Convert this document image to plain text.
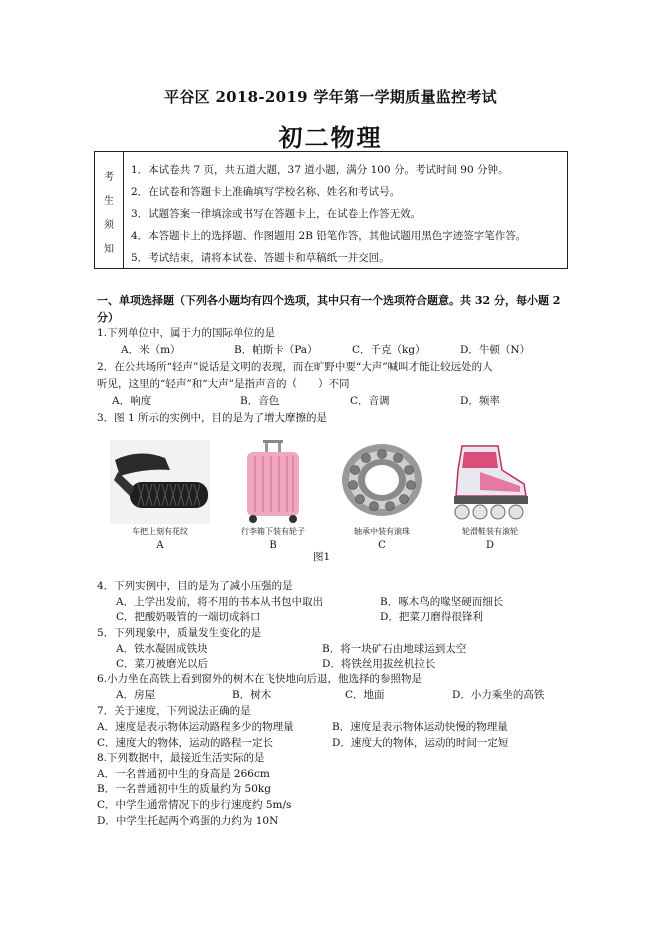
平谷区 2018-2019 学年第一学期质量监控考试
初二物理
考
生
须
知
1．本试卷共 7 页，共五道大题，37 道小题，满分 100 分。考试时间 90 分钟。
2．在试卷和答题卡上准确填写学校名称、姓名和考试号。
3．试题答案一律填涂或书写在答题卡上，在试卷上作答无效。
4．本答题卡上的选择题、作图题用 2B 铅笔作答，其他试题用黑色字迹签字笔作答。
5．考试结束，请将本试卷、答题卡和草稿纸一并交回。
一、单项选择题（下列各小题均有四个选项，其中只有一个选项符合题意。共 32 分，每小题 2 分）
1.下列单位中，属于力的国际单位的是
A．米（m）	B．帕斯卡（Pa）	C．千克（kg）	D．牛顿（N）
2．在公共场所“轻声”说话是文明的表现，而在旷野中要“大声”喊叫才能让较远处的人
听见，这里的“轻声”和“大声”是指声音的（　　）不同
A．响度	B．音色	C．音调	D．频率
3．图 1 所示的实例中，目的是为了增大摩擦的是
车把上刻有花纹	行李箱下装有轮子	轴承中装有滚珠	轮滑鞋装有滚轮
A	B	C	D
图1
4．下列实例中，目的是为了减小压强的是
A．上学出发前，将不用的书本从书包中取出	B．啄木鸟的喙坚硬而细长
C．把酸奶吸管的一端切成斜口	D．把菜刀磨得很锋利
5．下列现象中，质量发生变化的是
A．铁水凝固成铁块	B．将一块矿石由地球运到太空
C．菜刀被磨光以后	D．将铁丝用拔丝机拉长
6.小力坐在高铁上看到窗外的树木在飞快地向后退，他选择的参照物是
A．房屋	B．树木	C．地面	D．小力乘坐的高铁
7．关于速度，下列说法正确的是
A．速度是表示物体运动路程多少的物理量	B．速度是表示物体运动快慢的物理量
C．速度大的物体，运动的路程一定长	D．速度大的物体，运动的时间一定短
8.下列数据中，最接近生活实际的是
A．一名普通初中生的身高是 266cm
B．一名普通初中生的质量约为 50kg
C．中学生通常情况下的步行速度约 5m/s
D．中学生托起两个鸡蛋的力约为 10N
